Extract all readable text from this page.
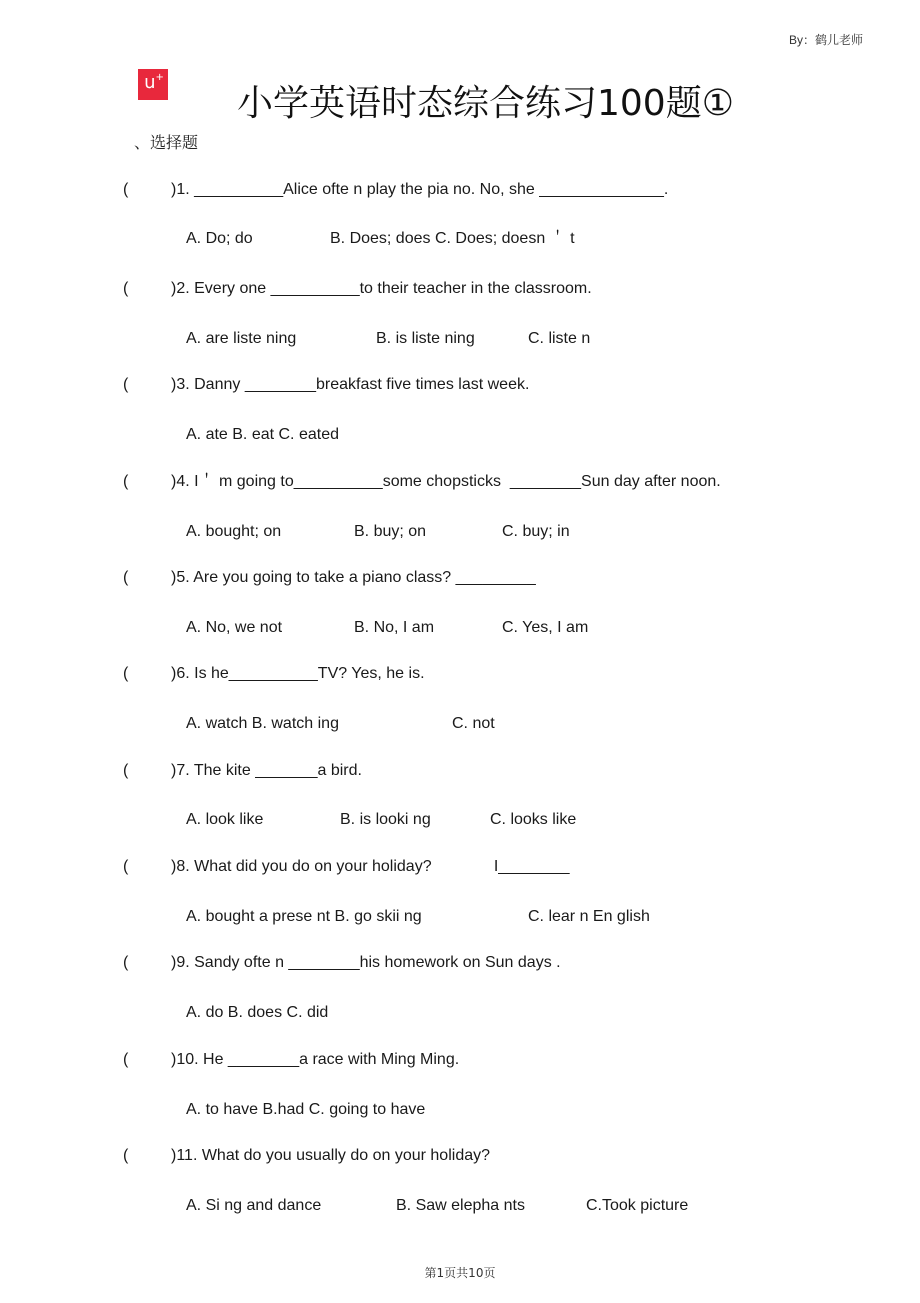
By：鹤儿老师
u+
小学英语时态综合练习100题①
、选择题
(	)1. __________Alice ofte n play the pia no. No, she ______________.
A. Do; do	B. Does; does C. Does; doesn ＇ t
(	)2. Every one __________to their teacher in the classroom.
A. are liste ning	B. is liste ning	C. liste n
(	)3. Danny ________breakfast five times last week.
A. ate B. eat C. eated
(	)4. I＇ m going to__________some chopsticks  ________Sun day after noon.
A. bought; on	B. buy; on	C. buy; in
(	)5. Are you going to take a piano class? _________
A. No, we not	B. No, I am	C. Yes, I am
(	)6. Is he__________TV? Yes, he is.
A. watch B. watch ing	C. not
(	)7. The kite _______a bird.
A. look like	B. is looki ng	C. looks like
(	)8. What did you do on your holiday?              I________
A. bought a prese nt B. go skii ng	C. lear n En glish
(	)9. Sandy ofte n ________his homework on Sun days .
A. do B. does C. did
(	)10. He ________a race with Ming Ming.
A. to have B.had C. going to have
(	)11. What do you usually do on your holiday?
A. Si ng and dance	B. Saw elepha nts	C.Took picture
第1页共10页
